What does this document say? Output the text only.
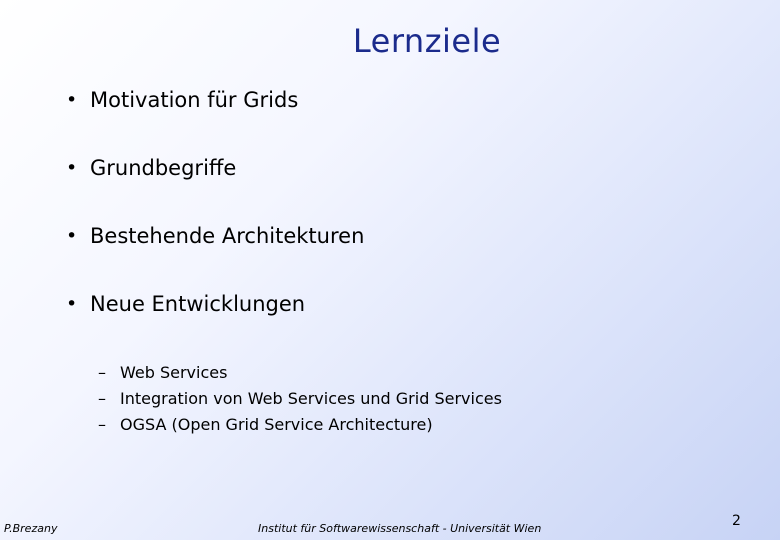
Lernziele
• Motivation für Grids
• Grundbegriffe
• Bestehende Architekturen
• Neue Entwicklungen
– Web Services
– Integration von Web Services und Grid Services
– OGSA (Open Grid Service Architecture)
P.Brezany	Institut für Softwarewissenschaft - Universität Wien	2
